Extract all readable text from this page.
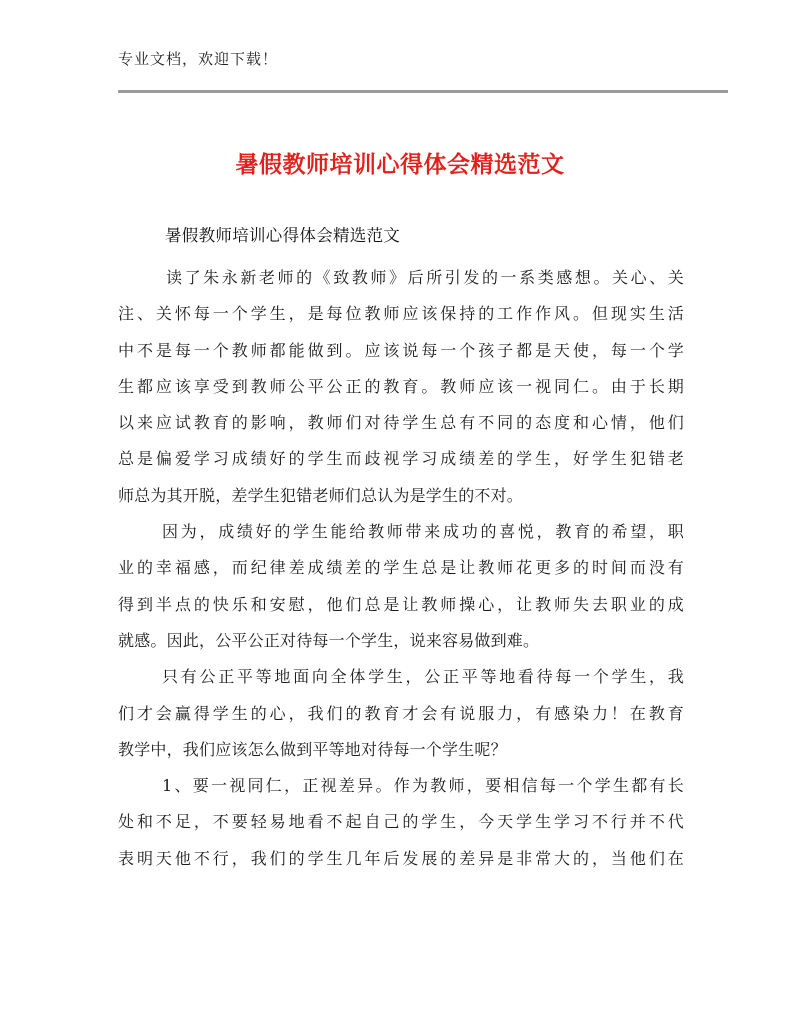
专业文档，欢迎下载！
暑假教师培训心得体会精选范文
暑假教师培训心得体会精选范文
读了朱永新老师的《致教师》后所引发的一系类感想。关心、关
注、关怀每一个学生，是每位教师应该保持的工作作风。但现实生活
中不是每一个教师都能做到。应该说每一个孩子都是天使，每一个学
生都应该享受到教师公平公正的教育。教师应该一视同仁。由于长期
以来应试教育的影响，教师们对待学生总有不同的态度和心情，他们
总是偏爱学习成绩好的学生而歧视学习成绩差的学生，好学生犯错老
师总为其开脱，差学生犯错老师们总认为是学生的不对。
因为，成绩好的学生能给教师带来成功的喜悦，教育的希望，职
业的幸福感，而纪律差成绩差的学生总是让教师花更多的时间而没有
得到半点的快乐和安慰，他们总是让教师操心，让教师失去职业的成
就感。因此，公平公正对待每一个学生，说来容易做到难。
只有公正平等地面向全体学生，公正平等地看待每一个学生，我
们才会赢得学生的心，我们的教育才会有说服力，有感染力！在教育
教学中，我们应该怎么做到平等地对待每一个学生呢？
1、要一视同仁，正视差异。作为教师，要相信每一个学生都有长
处和不足，不要轻易地看不起自己的学生，今天学生学习不行并不代
表明天他不行，我们的学生几年后发展的差异是非常大的，当他们在
